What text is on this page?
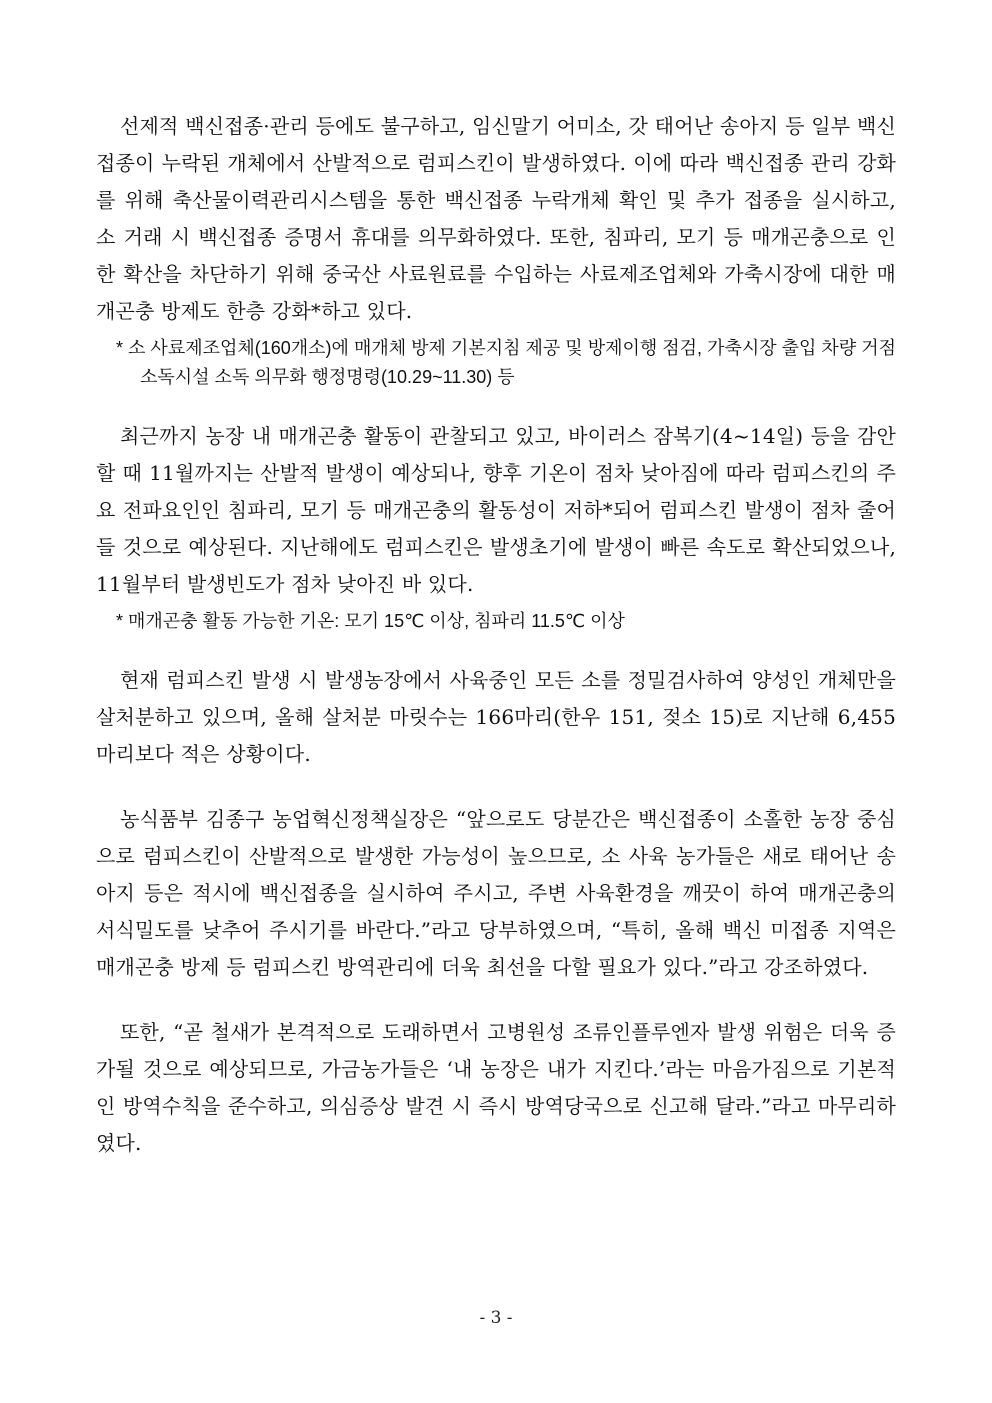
선제적 백신접종·관리 등에도 불구하고, 임신말기 어미소, 갓 태어난 송아지 등 일부 백신접종이 누락된 개체에서 산발적으로 럼피스킨이 발생하였다. 이에 따라 백신접종 관리 강화를 위해 축산물이력관리시스템을 통한 백신접종 누락개체 확인 및 추가 접종을 실시하고, 소 거래 시 백신접종 증명서 휴대를 의무화하였다. 또한, 침파리, 모기 등 매개곤충으로 인한 확산을 차단하기 위해 중국산 사료원료를 수입하는 사료제조업체와 가축시장에 대한 매개곤충 방제도 한층 강화*하고 있다.

* 소 사료제조업체(160개소)에 매개체 방제 기본지침 제공 및 방제이행 점검, 가축시장 출입 차량 거점소독시설 소독 의무화 행정명령(10.29~11.30) 등

최근까지 농장 내 매개곤충 활동이 관찰되고 있고, 바이러스 잠복기(4~14일) 등을 감안할 때 11월까지는 산발적 발생이 예상되나, 향후 기온이 점차 낮아짐에 따라 럼피스킨의 주요 전파요인인 침파리, 모기 등 매개곤충의 활동성이 저하*되어 럼피스킨 발생이 점차 줄어들 것으로 예상된다. 지난해에도 럼피스킨은 발생초기에 발생이 빠른 속도로 확산되었으나, 11월부터 발생빈도가 점차 낮아진 바 있다.

* 매개곤충 활동 가능한 기온: 모기 15℃ 이상, 침파리 11.5℃ 이상

현재 럼피스킨 발생 시 발생농장에서 사육중인 모든 소를 정밀검사하여 양성인 개체만을 살처분하고 있으며, 올해 살처분 마릿수는 166마리(한우 151, 젖소 15)로 지난해 6,455마리보다 적은 상황이다.

농식품부 김종구 농업혁신정책실장은 “앞으로도 당분간은 백신접종이 소홀한 농장 중심으로 럼피스킨이 산발적으로 발생한 가능성이 높으므로, 소 사육 농가들은 새로 태어난 송아지 등은 적시에 백신접종을 실시하여 주시고, 주변 사육환경을 깨끗이 하여 매개곤충의 서식밀도를 낮추어 주시기를 바란다.”라고 당부하였으며, “특히, 올해 백신 미접종 지역은 매개곤충 방제 등 럼피스킨 방역관리에 더욱 최선을 다할 필요가 있다.”라고 강조하였다.

또한, “곧 철새가 본격적으로 도래하면서 고병원성 조류인플루엔자 발생 위험은 더욱 증가될 것으로 예상되므로, 가금농가들은 ‘내 농장은 내가 지킨다.’라는 마음가짐으로 기본적인 방역수칙을 준수하고, 의심증상 발견 시 즉시 방역당국으로 신고해 달라.”라고 마무리하였다.

- 3 -
